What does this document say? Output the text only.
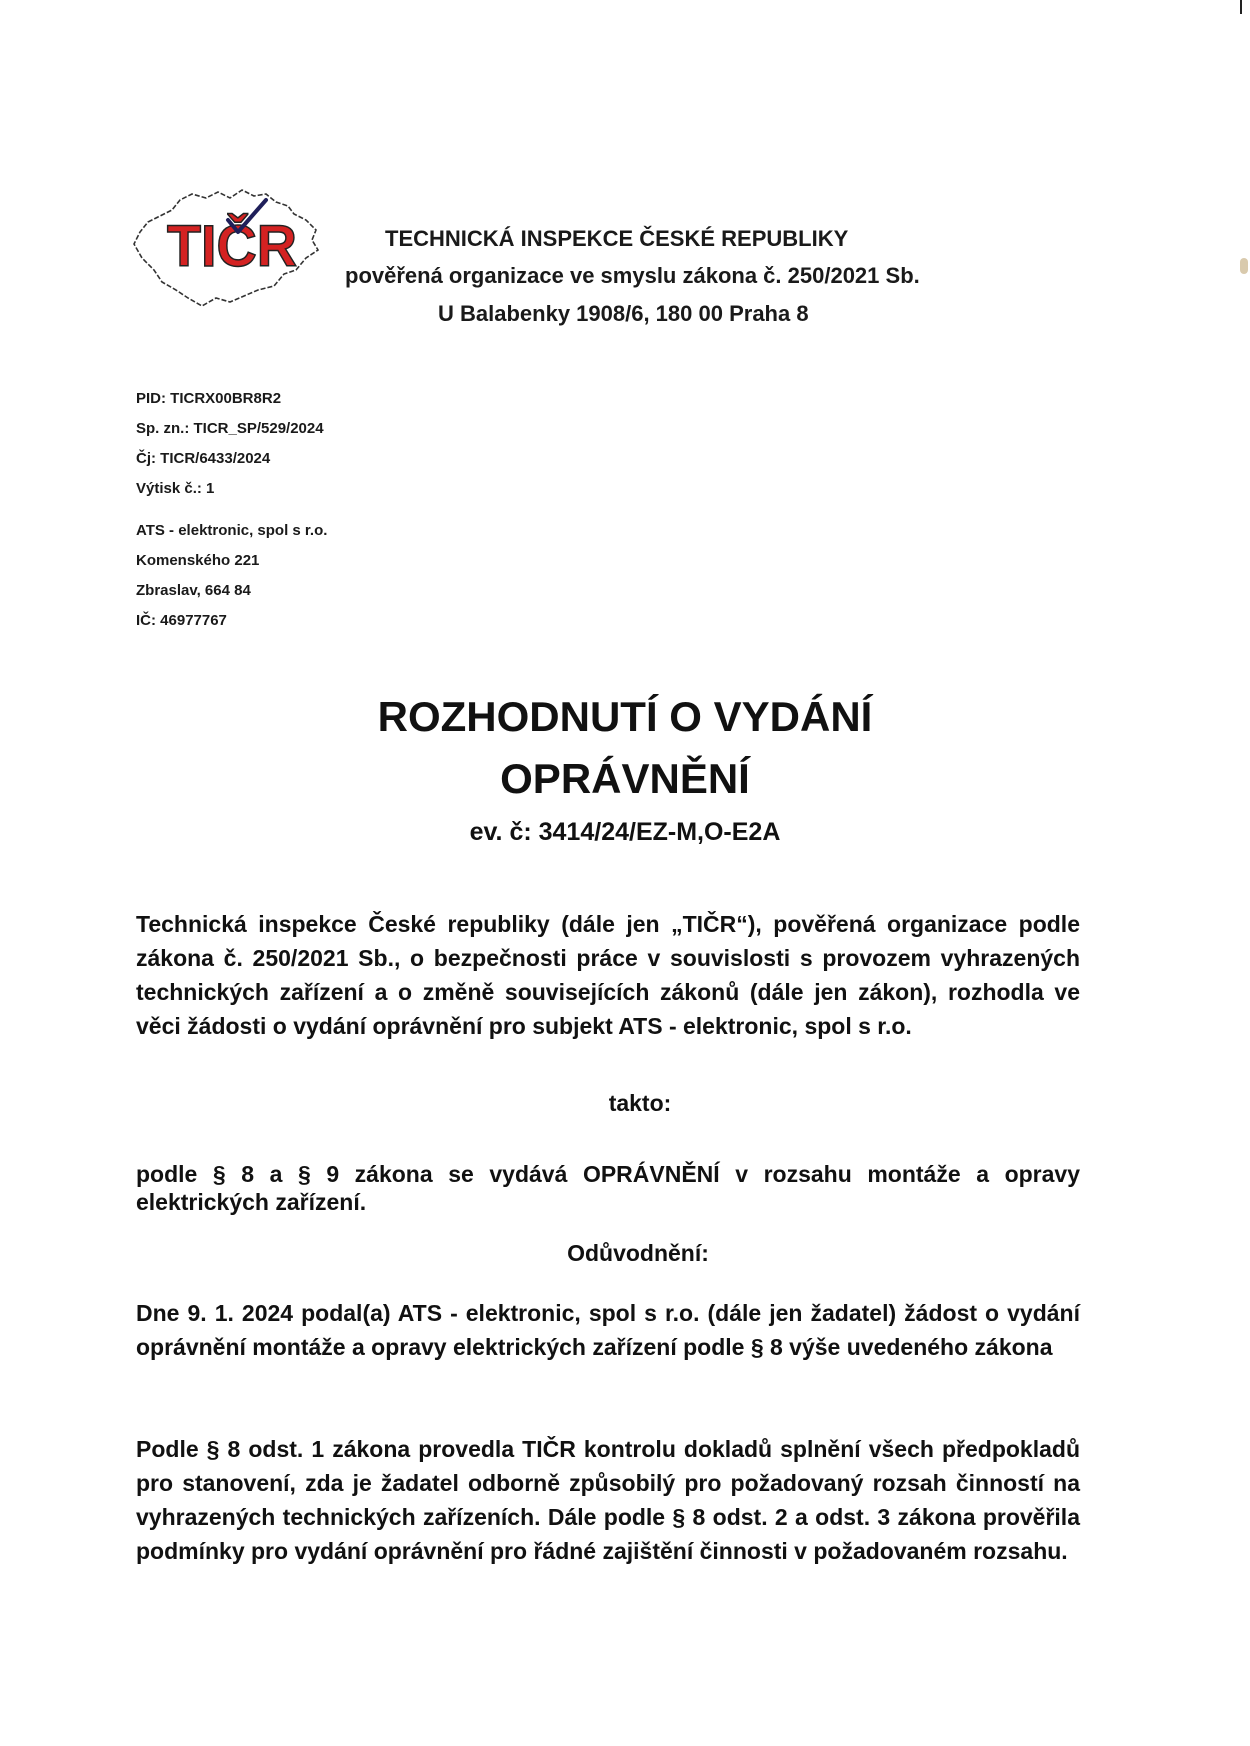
TIČR	TECHNICKÁ INSPEKCE ČESKÉ REPUBLIKY
pověřená organizace ve smyslu zákona č. 250/2021 Sb.
U Balabenky 1908/6, 180 00 Praha 8
PID: TICRX00BR8R2
Sp. zn.: TICR_SP/529/2024
Čj: TICR/6433/2024
Výtisk č.: 1
ATS - elektronic, spol s r.o.
Komenského 221
Zbraslav, 664 84
IČ: 46977767
ROZHODNUTÍ O VYDÁNÍ
OPRÁVNĚNÍ
ev. č: 3414/24/EZ-M,O-E2A
Technická inspekce České republiky (dále jen „TIČR“), pověřená organizace podle zákona č. 250/2021 Sb., o bezpečnosti práce v souvislosti s provozem vyhrazených technických zařízení a o změně souvisejících zákonů (dále jen zákon), rozhodla ve věci žádosti o vydání oprávnění pro subjekt ATS - elektronic, spol s r.o.
takto:
podle § 8 a § 9 zákona se vydává OPRÁVNĚNÍ v rozsahu montáže a opravy elektrických zařízení.
Odůvodnění:
Dne 9. 1. 2024 podal(a) ATS - elektronic, spol s r.o. (dále jen žadatel) žádost o vydání oprávnění montáže a opravy elektrických zařízení podle § 8 výše uvedeného zákona
Podle § 8 odst. 1 zákona provedla TIČR kontrolu dokladů splnění všech předpokladů pro stanovení, zda je žadatel odborně způsobilý pro požadovaný rozsah činností na vyhrazených technických zařízeních. Dále podle § 8 odst. 2 a odst. 3 zákona prověřila podmínky pro vydání oprávnění pro řádné zajištění činnosti v požadovaném rozsahu.
